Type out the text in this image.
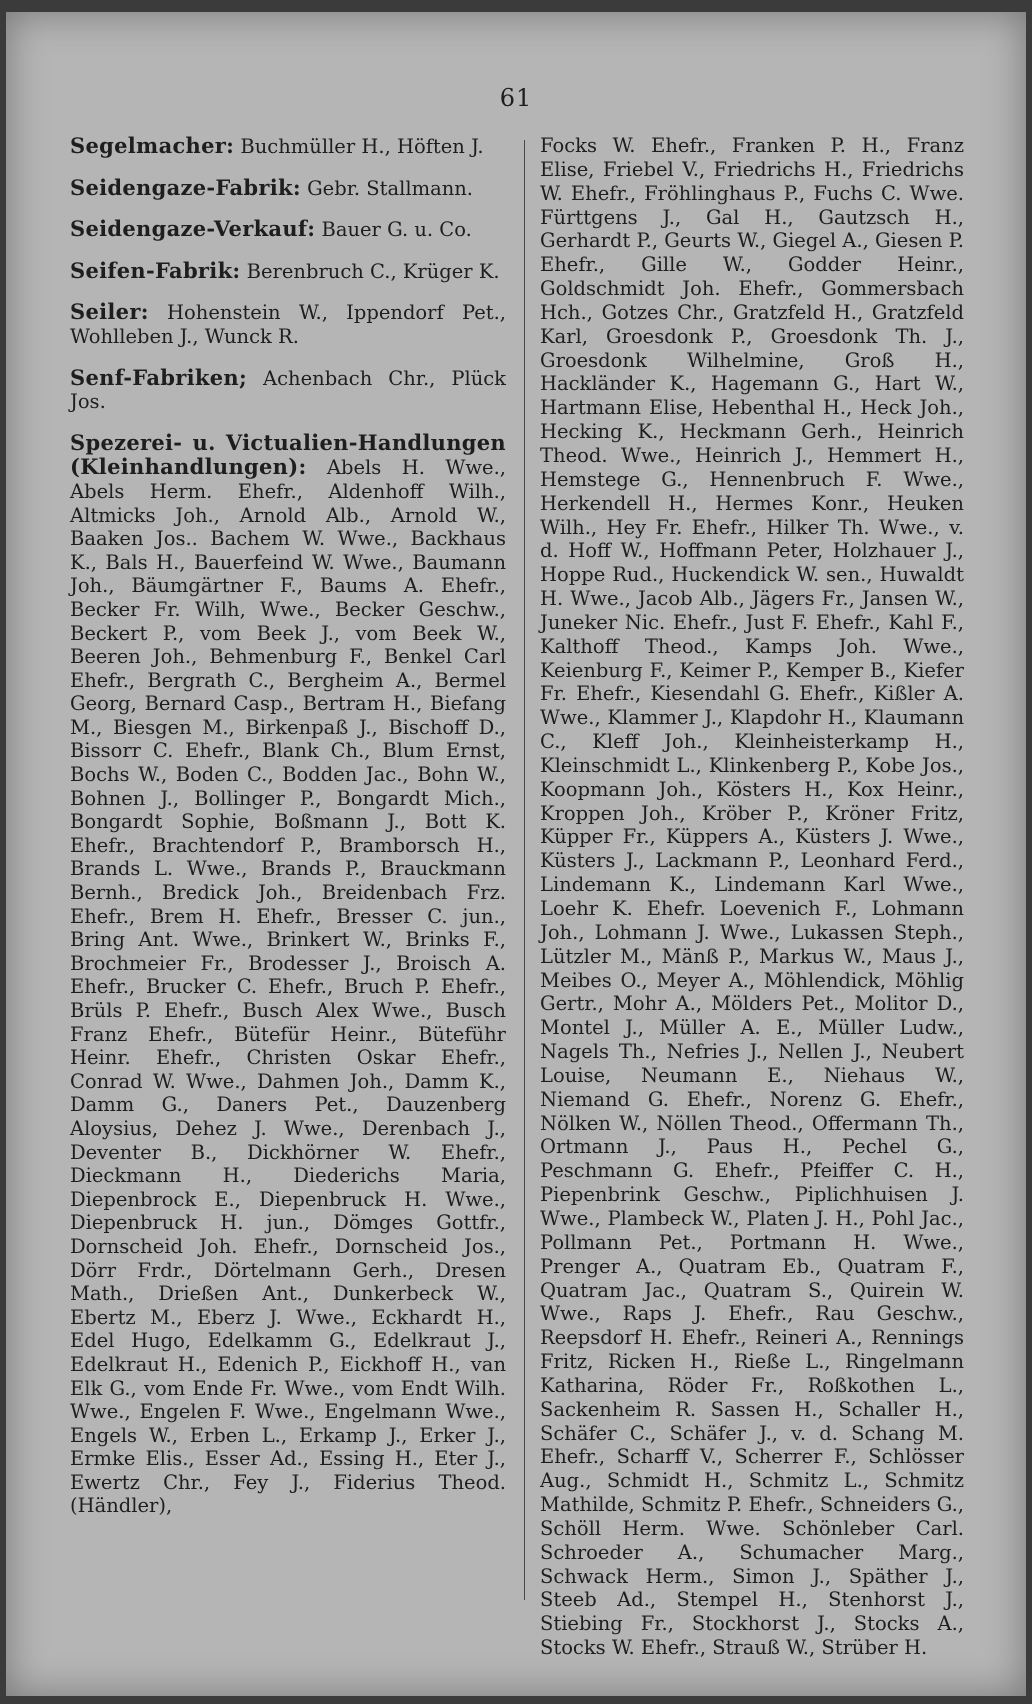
61

Segelmacher: Buchmüller H., Höften J.

Seidengaze-Fabrik: Gebr. Stallmann.

Seidengaze-Verkauf: Bauer G. u. Co.

Seifen-Fabrik: Berenbruch C., Krüger K.

Seiler: Hohenstein W., Ippendorf Pet., Wohlleben J., Wunck R.

Senf-Fabriken; Achenbach Chr., Plück Jos.

Spezerei- u. Victualien-Handlungen (Kleinhandlungen): Abels H. Wwe., Abels Herm. Ehefr., Aldenhoff Wilh., Altmicks Joh., Arnold Alb., Arnold W., Baaken Jos.. Bachem W. Wwe., Backhaus K., Bals H., Bauerfeind W. Wwe., Baumann Joh., Bäumgärtner F., Baums A. Ehefr., Becker Fr. Wilh, Wwe., Becker Geschw., Beckert P., vom Beek J., vom Beek W., Beeren Joh., Behmenburg F., Benkel Carl Ehefr., Bergrath C., Bergheim A., Bermel Georg, Bernard Casp., Bertram H., Biefang M., Biesgen M., Birkenpaß J., Bischoff D., Bissorr C. Ehefr., Blank Ch., Blum Ernst, Bochs W., Boden C., Bodden Jac., Bohn W., Bohnen J., Bollinger P., Bongardt Mich., Bongardt Sophie, Boßmann J., Bott K. Ehefr., Brachtendorf P., Bramborsch H., Brands L. Wwe., Brands P., Brauckmann Bernh., Bredick Joh., Breidenbach Frz. Ehefr., Brem H. Ehefr., Bresser C. jun., Bring Ant. Wwe., Brinkert W., Brinks F., Brochmeier Fr., Brodesser J., Broisch A. Ehefr., Brucker C. Ehefr., Bruch P. Ehefr., Brüls P. Ehefr., Busch Alex Wwe., Busch Franz Ehefr., Bütefür Heinr., Büteführ Heinr. Ehefr., Christen Oskar Ehefr., Conrad W. Wwe., Dahmen Joh., Damm K., Damm G., Daners Pet., Dauzenberg Aloysius, Dehez J. Wwe., Derenbach J., Deventer B., Dickhörner W. Ehefr., Dieckmann H., Diederichs Maria, Diepenbrock E., Diepenbruck H. Wwe., Diepenbruck H. jun., Dömges Gottfr., Dornscheid Joh. Ehefr., Dornscheid Jos., Dörr Frdr., Dörtelmann Gerh., Dresen Math., Drießen Ant., Dunkerbeck W., Ebertz M., Eberz J. Wwe., Eckhardt H., Edel Hugo, Edelkamm G., Edelkraut J., Edelkraut H., Edenich P., Eickhoff H., van Elk G., vom Ende Fr. Wwe., vom Endt Wilh. Wwe., Engelen F. Wwe., Engelmann Wwe., Engels W., Erben L., Erkamp J., Erker J., Ermke Elis., Esser Ad., Essing H., Eter J., Ewertz Chr., Fey J., Fiderius Theod. (Händler),

Focks W. Ehefr., Franken P. H., Franz Elise, Friebel V., Friedrichs H., Friedrichs W. Ehefr., Fröhlinghaus P., Fuchs C. Wwe. Fürttgens J., Gal H., Gautzsch H., Gerhardt P., Geurts W., Giegel A., Giesen P. Ehefr., Gille W., Godder Heinr., Goldschmidt Joh. Ehefr., Gommersbach Hch., Gotzes Chr., Gratzfeld H., Gratzfeld Karl, Groesdonk P., Groesdonk Th. J., Groesdonk Wilhelmine, Groß H., Hackländer K., Hagemann G., Hart W., Hartmann Elise, Hebenthal H., Heck Joh., Hecking K., Heckmann Gerh., Heinrich Theod. Wwe., Heinrich J., Hemmert H., Hemstege G., Hennenbruch F. Wwe., Herkendell H., Hermes Konr., Heuken Wilh., Hey Fr. Ehefr., Hilker Th. Wwe., v. d. Hoff W., Hoffmann Peter, Holzhauer J., Hoppe Rud., Huckendick W. sen., Huwaldt H. Wwe., Jacob Alb., Jägers Fr., Jansen W., Juneker Nic. Ehefr., Just F. Ehefr., Kahl F., Kalthoff Theod., Kamps Joh. Wwe., Keienburg F., Keimer P., Kemper B., Kiefer Fr. Ehefr., Kiesendahl G. Ehefr., Kißler A. Wwe., Klammer J., Klapdohr H., Klaumann C., Kleff Joh., Kleinheisterkamp H., Kleinschmidt L., Klinkenberg P., Kobe Jos., Koopmann Joh., Kösters H., Kox Heinr., Kroppen Joh., Kröber P., Kröner Fritz, Küpper Fr., Küppers A., Küsters J. Wwe., Küsters J., Lackmann P., Leonhard Ferd., Lindemann K., Lindemann Karl Wwe., Loehr K. Ehefr. Loevenich F., Lohmann Joh., Lohmann J. Wwe., Lukassen Steph., Lützler M., Mänß P., Markus W., Maus J., Meibes O., Meyer A., Möhlendick, Möhlig Gertr., Mohr A., Mölders Pet., Molitor D., Montel J., Müller A. E., Müller Ludw., Nagels Th., Nefries J., Nellen J., Neubert Louise, Neumann E., Niehaus W., Niemand G. Ehefr., Norenz G. Ehefr., Nölken W., Nöllen Theod., Offermann Th., Ortmann J., Paus H., Pechel G., Peschmann G. Ehefr., Pfeiffer C. H., Piepenbrink Geschw., Piplichhuisen J. Wwe., Plambeck W., Platen J. H., Pohl Jac., Pollmann Pet., Portmann H. Wwe., Prenger A., Quatram Eb., Quatram F., Quatram Jac., Quatram S., Quirein W. Wwe., Raps J. Ehefr., Rau Geschw., Reepsdorf H. Ehefr., Reineri A., Rennings Fritz, Ricken H., Rieße L., Ringelmann Katharina, Röder Fr., Roßkothen L., Sackenheim R. Sassen H., Schaller H., Schäfer C., Schäfer J., v. d. Schang M. Ehefr., Scharff V., Scherrer F., Schlösser Aug., Schmidt H., Schmitz L., Schmitz Mathilde, Schmitz P. Ehefr., Schneiders G., Schöll Herm. Wwe. Schönleber Carl. Schroeder A., Schumacher Marg., Schwack Herm., Simon J., Späther J., Steeb Ad., Stempel H., Stenhorst J., Stiebing Fr., Stockhorst J., Stocks A., Stocks W. Ehefr., Strauß W., Strüber H.
